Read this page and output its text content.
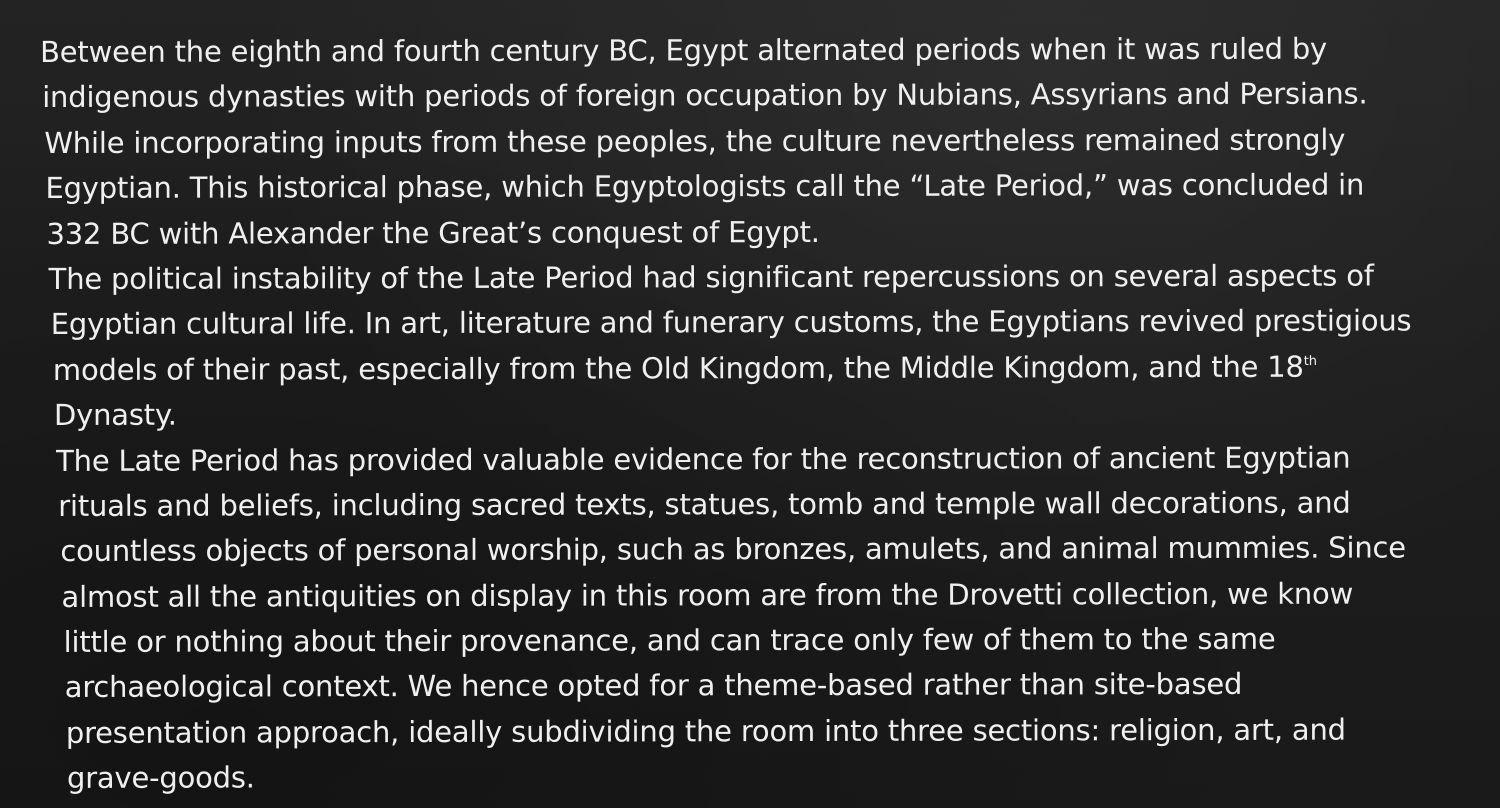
Between the eighth and fourth century BC, Egypt alternated periods when it was ruled by
indigenous dynasties with periods of foreign occupation by Nubians, Assyrians and Persians.
While incorporating inputs from these peoples, the culture nevertheless remained strongly
Egyptian. This historical phase, which Egyptologists call the “Late Period,” was concluded in
332 BC with Alexander the Great’s conquest of Egypt.
The political instability of the Late Period had significant repercussions on several aspects of
Egyptian cultural life. In art, literature and funerary customs, the Egyptians revived prestigious
models of their past, especially from the Old Kingdom, the Middle Kingdom, and the 18th
Dynasty.
The Late Period has provided valuable evidence for the reconstruction of ancient Egyptian
rituals and beliefs, including sacred texts, statues, tomb and temple wall decorations, and
countless objects of personal worship, such as bronzes, amulets, and animal mummies. Since
almost all the antiquities on display in this room are from the Drovetti collection, we know
little or nothing about their provenance, and can trace only few of them to the same
archaeological context. We hence opted for a theme-based rather than site-based
presentation approach, ideally subdividing the room into three sections: religion, art, and
grave-goods.
